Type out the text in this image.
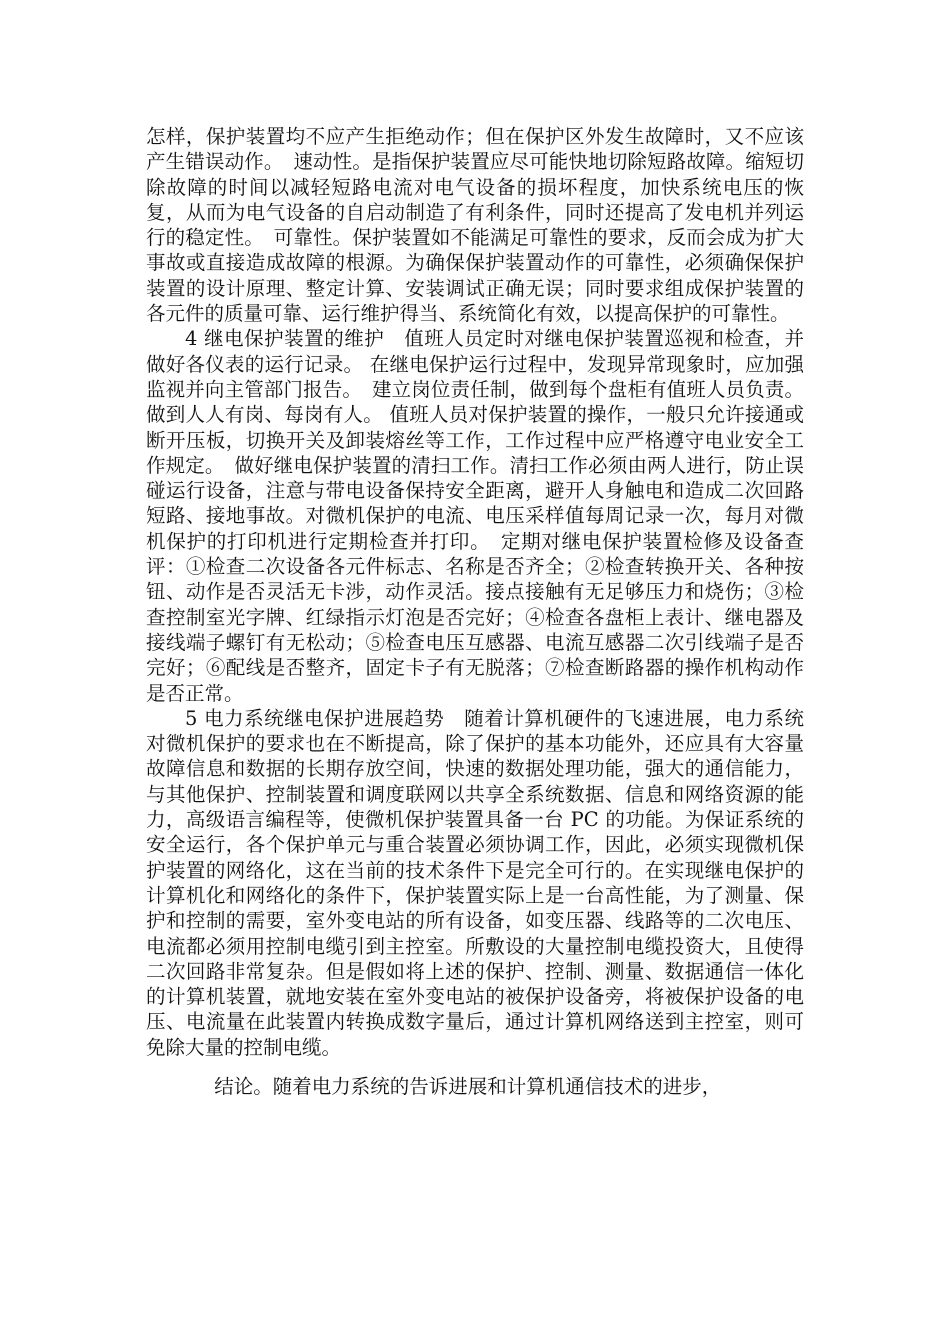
怎样，保护装置均不应产生拒绝动作；但在保护区外发生故障时，又不应该产生错误动作。　速动性。是指保护装置应尽可能快地切除短路故障。缩短切除故障的时间以减轻短路电流对电气设备的损坏程度，加快系统电压的恢复，从而为电气设备的自启动制造了有利条件，同时还提高了发电机并列运行的稳定性。　可靠性。保护装置如不能满足可靠性的要求，反而会成为扩大事故或直接造成故障的根源。为确保保护装置动作的可靠性，必须确保保护装置的设计原理、整定计算、安装调试正确无误；同时要求组成保护装置的各元件的质量可靠、运行维护得当、系统简化有效，以提高保护的可靠性。

4 继电保护装置的维护　值班人员定时对继电保护装置巡视和检查，并做好各仪表的运行记录。 在继电保护运行过程中，发现异常现象时，应加强监视并向主管部门报告。　建立岗位责任制，做到每个盘柜有值班人员负责。做到人人有岗、每岗有人。 值班人员对保护装置的操作，一般只允许接通或断开压板，切换开关及卸装熔丝等工作，工作过程中应严格遵守电业安全工作规定。　做好继电保护装置的清扫工作。清扫工作必须由两人进行，防止误碰运行设备，注意与带电设备保持安全距离，避开人身触电和造成二次回路短路、接地事故。对微机保护的电流、电压采样值每周记录一次，每月对微机保护的打印机进行定期检查并打印。　定期对继电保护装置检修及设备查评：①检查二次设备各元件标志、名称是否齐全；②检查转换开关、各种按钮、动作是否灵活无卡涉，动作灵活。接点接触有无足够压力和烧伤；③检查控制室光字牌、红绿指示灯泡是否完好；④检查各盘柜上表计、继电器及接线端子螺钉有无松动；⑤检查电压互感器、电流互感器二次引线端子是否完好；⑥配线是否整齐，固定卡子有无脱落；⑦检查断路器的操作机构动作是否正常。

5 电力系统继电保护进展趋势　随着计算机硬件的飞速进展，电力系统对微机保护的要求也在不断提高，除了保护的基本功能外，还应具有大容量故障信息和数据的长期存放空间，快速的数据处理功能，强大的通信能力，与其他保护、控制装置和调度联网以共享全系统数据、信息和网络资源的能力，高级语言编程等，使微机保护装置具备一台 PC 的功能。为保证系统的安全运行，各个保护单元与重合装置必须协调工作，因此，必须实现微机保护装置的网络化，这在当前的技术条件下是完全可行的。在实现继电保护的计算机化和网络化的条件下，保护装置实际上是一台高性能，为了测量、保护和控制的需要，室外变电站的所有设备，如变压器、线路等的二次电压、电流都必须用控制电缆引到主控室。所敷设的大量控制电缆投资大，且使得二次回路非常复杂。但是假如将上述的保护、控制、测量、数据通信一体化的计算机装置，就地安装在室外变电站的被保护设备旁，将被保护设备的电压、电流量在此装置内转换成数字量后，通过计算机网络送到主控室，则可免除大量的控制电缆。

结论。随着电力系统的告诉进展和计算机通信技术的进步，
